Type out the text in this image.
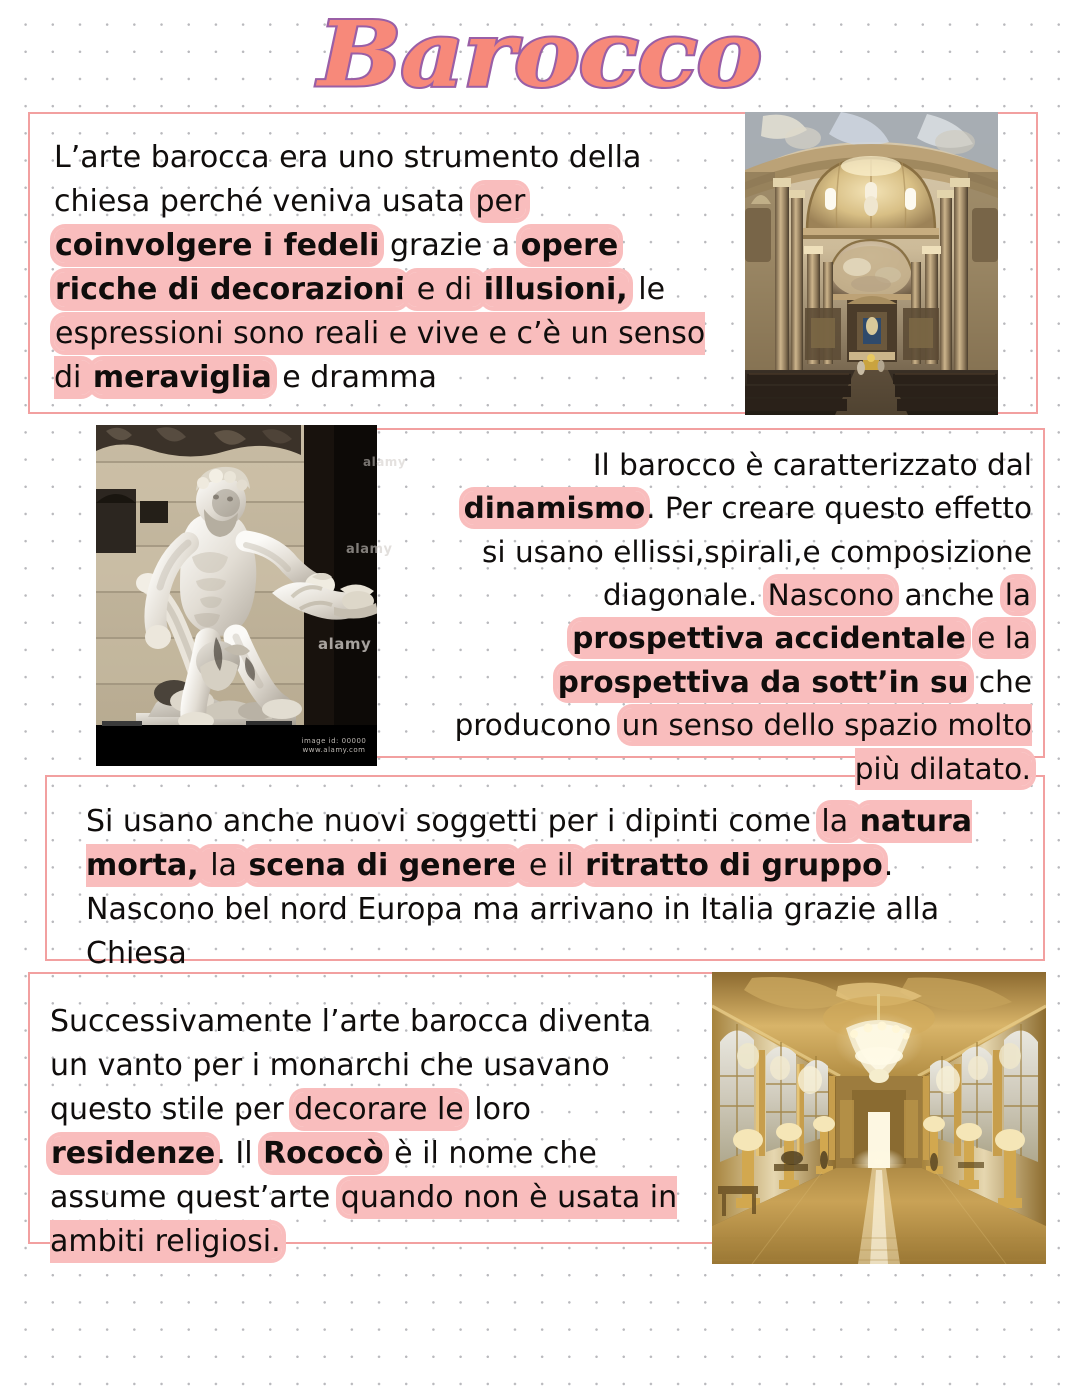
Barocco
L’arte barocca era uno strumento della chiesa perché veniva usata per coinvolgere i fedeli grazie a opere ricche di decorazioni e di illusioni, le espressioni sono reali e vive e c’è un senso di meraviglia e dramma
Il barocco è caratterizzato dal dinamismo. Per creare questo effetto si usano ellissi,spirali,e composizione diagonale. Nascono anche la prospettiva accidentale e la prospettiva da sott’in su che producono un senso dello spazio molto più dilatato.
Si usano anche nuovi soggetti per i dipinti come la natura morta, la scena di genere e il ritratto di gruppo. Nascono bel nord Europa ma arrivano in Italia grazie alla Chiesa
Successivamente l’arte barocca diventa un vanto per i monarchi che usavano questo stile per decorare le loro residenze. Il Rococò è il nome che assume quest’arte quando non è usata in ambiti religiosi.
alamy
alamy
alamy
image id: 00000 www.alamy.com
